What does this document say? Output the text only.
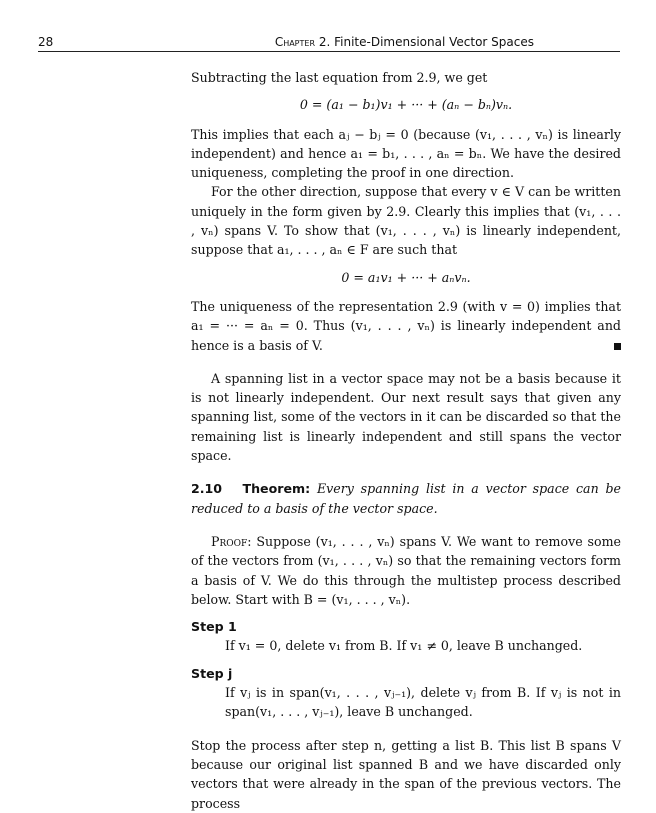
28	Chapter 2. Finite-Dimensional Vector Spaces

Subtracting the last equation from 2.9, we get

0 = (a₁ − b₁)v₁ + ··· + (aₙ − bₙ)vₙ.

This implies that each aⱼ − bⱼ = 0 (because (v₁, . . . , vₙ) is linearly independent) and hence a₁ = b₁, . . . , aₙ = bₙ. We have the desired uniqueness, completing the proof in one direction.

For the other direction, suppose that every v ∈ V can be written uniquely in the form given by 2.9. Clearly this implies that (v₁, . . . , vₙ) spans V. To show that (v₁, . . . , vₙ) is linearly independent, suppose that a₁, . . . , aₙ ∈ F are such that

0 = a₁v₁ + ··· + aₙvₙ.

The uniqueness of the representation 2.9 (with v = 0) implies that a₁ = ··· = aₙ = 0. Thus (v₁, . . . , vₙ) is linearly independent and hence is a basis of V.

A spanning list in a vector space may not be a basis because it is not linearly independent. Our next result says that given any spanning list, some of the vectors in it can be discarded so that the remaining list is linearly independent and still spans the vector space.

2.10 Theorem: Every spanning list in a vector space can be reduced to a basis of the vector space.

Proof: Suppose (v₁, . . . , vₙ) spans V. We want to remove some of the vectors from (v₁, . . . , vₙ) so that the remaining vectors form a basis of V. We do this through the multistep process described below. Start with B = (v₁, . . . , vₙ).

Step 1

If v₁ = 0, delete v₁ from B. If v₁ ≠ 0, leave B unchanged.

Step j

If vⱼ is in span(v₁, . . . , vⱼ₋₁), delete vⱼ from B. If vⱼ is not in span(v₁, . . . , vⱼ₋₁), leave B unchanged.

Stop the process after step n, getting a list B. This list B spans V because our original list spanned B and we have discarded only vectors that were already in the span of the previous vectors. The process
